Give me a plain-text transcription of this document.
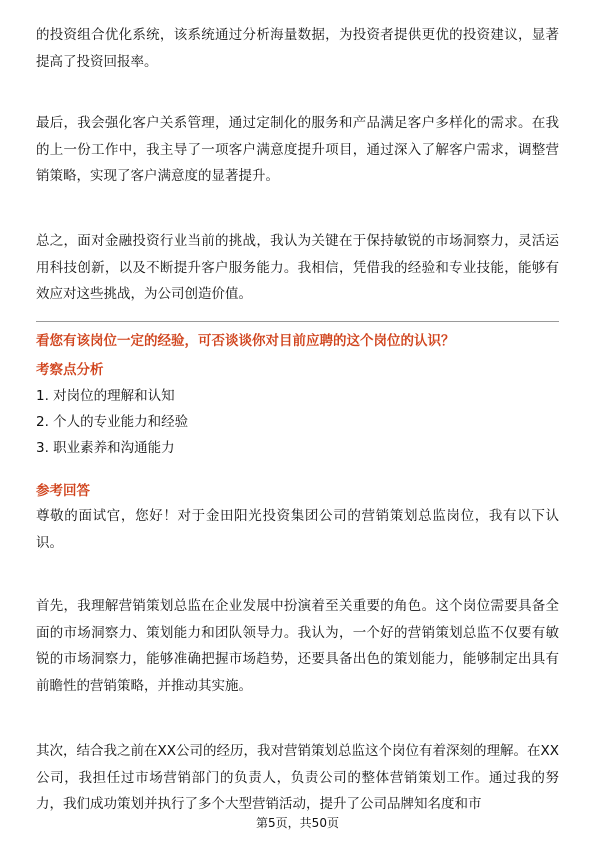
的投资组合优化系统，该系统通过分析海量数据，为投资者提供更优的投资建议，显著提高了投资回报率。

最后，我会强化客户关系管理，通过定制化的服务和产品满足客户多样化的需求。在我的上一份工作中，我主导了一项客户满意度提升项目，通过深入了解客户需求，调整营销策略，实现了客户满意度的显著提升。

总之，面对金融投资行业当前的挑战，我认为关键在于保持敏锐的市场洞察力，灵活运用科技创新，以及不断提升客户服务能力。我相信，凭借我的经验和专业技能，能够有效应对这些挑战，为公司创造价值。

看您有该岗位一定的经验，可否谈谈你对目前应聘的这个岗位的认识？

考察点分析

1. 对岗位的理解和认知
2. 个人的专业能力和经验
3. 职业素养和沟通能力

参考回答

尊敬的面试官，您好！对于金田阳光投资集团公司的营销策划总监岗位，我有以下认识。

首先，我理解营销策划总监在企业发展中扮演着至关重要的角色。这个岗位需要具备全面的市场洞察力、策划能力和团队领导力。我认为，一个好的营销策划总监不仅要有敏锐的市场洞察力，能够准确把握市场趋势，还要具备出色的策划能力，能够制定出具有前瞻性的营销策略，并推动其实施。

其次，结合我之前在XX公司的经历，我对营销策划总监这个岗位有着深刻的理解。在XX公司，我担任过市场营销部门的负责人，负责公司的整体营销策划工作。通过我的努力，我们成功策划并执行了多个大型营销活动，提升了公司品牌知名度和市

第5页，共50页
